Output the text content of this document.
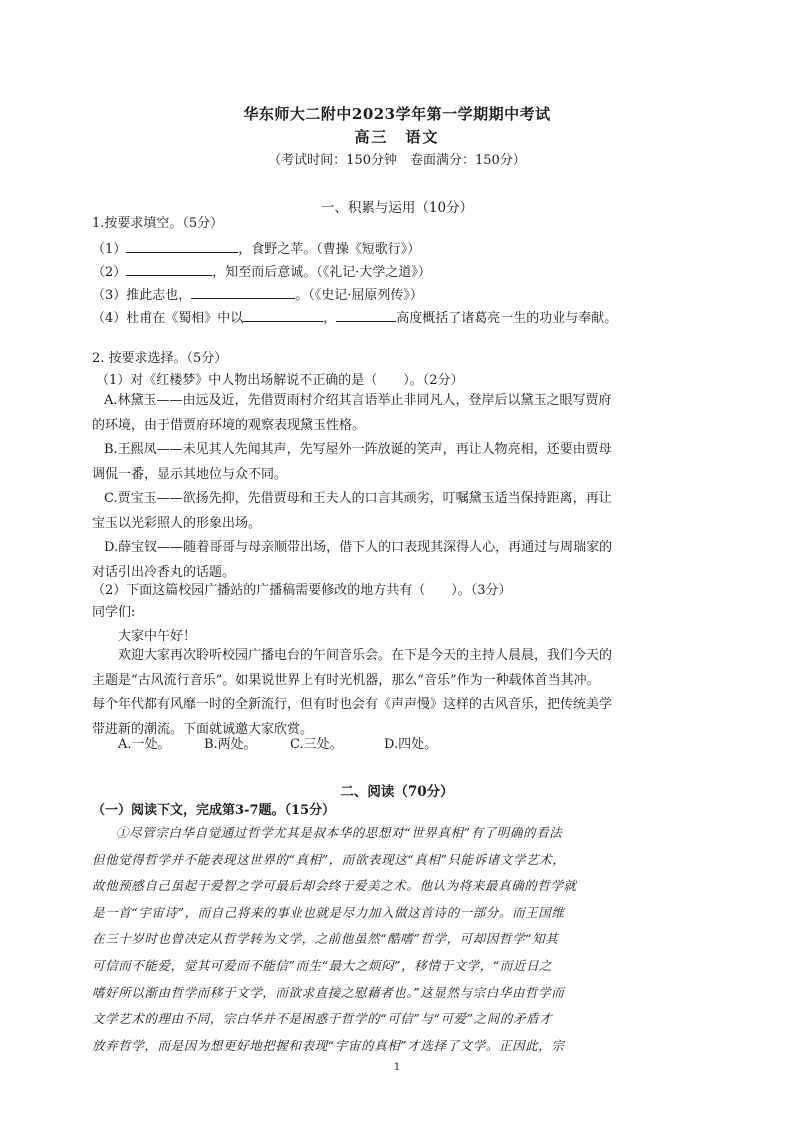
华东师大二附中2023学年第一学期期中考试
高三　语文
（考试时间：150分钟　卷面满分：150分）
一、积累与运用（10分）
1.按要求填空。（5分）
（1）	，食野之苹。（曹操《短歌行》）
（2）	，知至而后意诚。（《礼记·大学之道》）
（3）推此志也，	。（《史记·屈原列传》）
（4）杜甫在《蜀相》中以	，	高度概括了诸葛亮一生的功业与奉献。
2. 按要求选择。（5分）
（1）对《红楼梦》中人物出场解说不正确的是（　　）。（2分）
A.林黛玉——由远及近，先借贾雨村介绍其言语举止非同凡人，登岸后以黛玉之眼写贾府
的环境，由于借贾府环境的观察表现黛玉性格。
B.王熙凤——未见其人先闻其声，先写屋外一阵放诞的笑声，再让人物亮相，还要由贾母
调侃一番，显示其地位与众不同。
C.贾宝玉——欲扬先抑，先借贾母和王夫人的口言其顽劣，叮嘱黛玉适当保持距离，再让
宝玉以光彩照人的形象出场。
D.薛宝钗——随着哥哥与母亲顺带出场，借下人的口表现其深得人心，再通过与周瑞家的
对话引出冷香丸的话题。
（2）下面这篇校园广播站的广播稿需要修改的地方共有（　　）。（3分）
同学们:
大家中午好！
欢迎大家再次聆听校园广播电台的午间音乐会。在下是今天的主持人晨晨，我们今天的
主题是“古风流行音乐”。如果说世界上有时光机器，那么“音乐”作为一种载体首当其冲。
每个年代都有风靡一时的全新流行，但有时也会有《声声慢》这样的古风音乐，把传统美学
带进新的潮流。下面就诚邀大家欣赏。
A.一处。	B.两处。	C.三处。	D.四处。
二、阅读（70分）
（一）阅读下文，完成第3-7题。（15分）
①尽管宗白华自觉通过哲学尤其是叔本华的思想对“世界真相”有了明确的看法
但他觉得哲学并不能表现这世界的“真相”，而欲表现这“真相”只能诉诸文学艺术，
故他预感自己虽起于爱智之学可最后却会终于爱美之术。他认为将来最真确的哲学就
是一首“宇宙诗”，而自己将来的事业也就是尽力加入做这首诗的一部分。而王国维
在三十岁时也曾决定从哲学转为文学，之前他虽然“酷嗜”哲学，可却因哲学“知其
可信而不能爱，觉其可爱而不能信”而生“最大之烦闷”，移情于文学，“而近日之
嗜好所以渐由哲学而移于文学，而欲求直接之慰藉者也。”这显然与宗白华由哲学而
文学艺术的理由不同，宗白华并不是困惑于哲学的“可信”与“可爱”之间的矛盾才
放弃哲学，而是因为想更好地把握和表现“宇宙的真相”才选择了文学。正因此，宗
1
